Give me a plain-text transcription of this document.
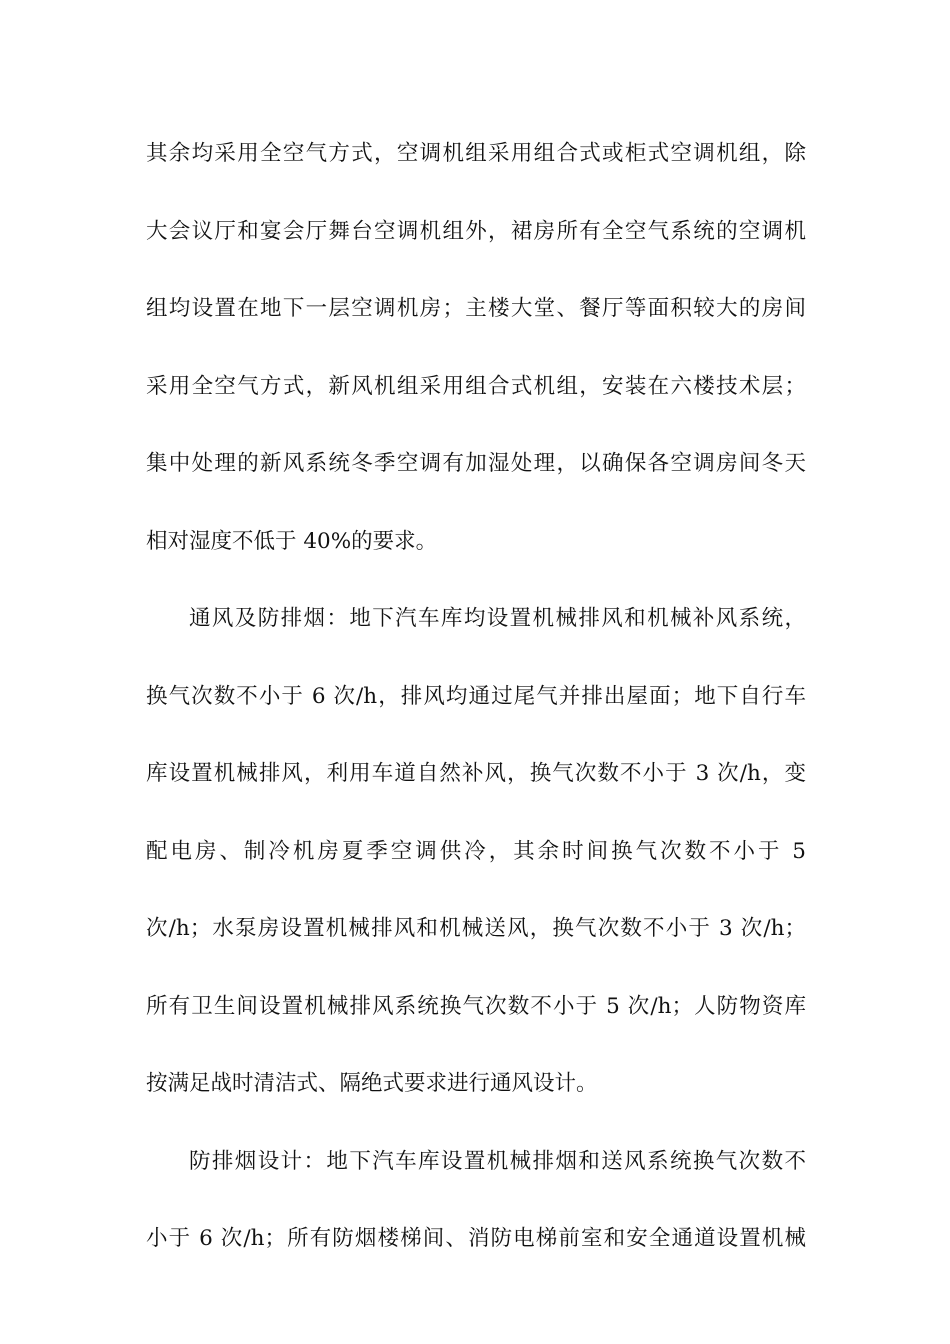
其余均采用全空气方式，空调机组采用组合式或柜式空调机组，除
大会议厅和宴会厅舞台空调机组外，裙房所有全空气系统的空调机
组均设置在地下一层空调机房；主楼大堂、餐厅等面积较大的房间
采用全空气方式，新风机组采用组合式机组，安装在六楼技术层；
集中处理的新风系统冬季空调有加湿处理，以确保各空调房间冬天
相对湿度不低于 40%的要求。
通风及防排烟：地下汽车库均设置机械排风和机械补风系统，
换气次数不小于 6 次/h，排风均通过尾气并排出屋面；地下自行车
库设置机械排风，利用车道自然补风，换气次数不小于 3 次/h，变
配电房、制冷机房夏季空调供冷，其余时间换气次数不小于 5
次/h；水泵房设置机械排风和机械送风，换气次数不小于 3 次/h；
所有卫生间设置机械排风系统换气次数不小于 5 次/h；人防物资库
按满足战时清洁式、隔绝式要求进行通风设计。
防排烟设计：地下汽车库设置机械排烟和送风系统换气次数不
小于 6 次/h；所有防烟楼梯间、消防电梯前室和安全通道设置机械
